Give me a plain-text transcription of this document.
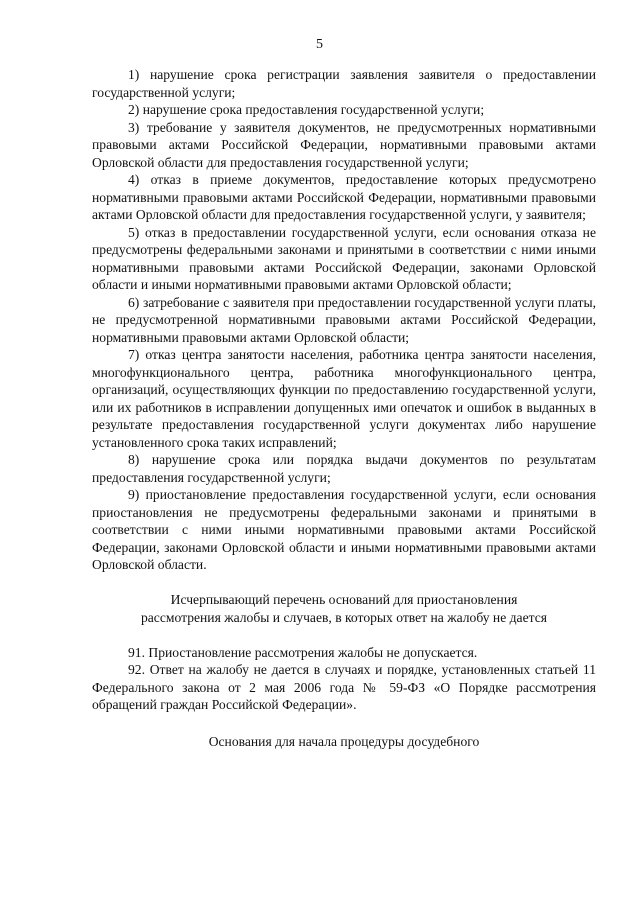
5

1) нарушение срока регистрации заявления заявителя о предоставлении государственной услуги;

2) нарушение срока предоставления государственной услуги;

3) требование у заявителя документов, не предусмотренных нормативными правовыми актами Российской Федерации, нормативными правовыми актами Орловской области для предоставления государственной услуги;

4) отказ в приеме документов, предоставление которых предусмотрено нормативными правовыми актами Российской Федерации, нормативными правовыми актами Орловской области для предоставления государственной услуги, у заявителя;

5) отказ в предоставлении государственной услуги, если основания отказа не предусмотрены федеральными законами и принятыми в соответствии с ними иными нормативными правовыми актами Российской Федерации, законами Орловской области и иными нормативными правовыми актами Орловской области;

6) затребование с заявителя при предоставлении государственной услуги платы, не предусмотренной нормативными правовыми актами Российской Федерации, нормативными правовыми актами Орловской области;

7) отказ центра занятости населения, работника центра занятости населения, многофункционального центра, работника многофункционального центра, организаций, осуществляющих функции по предоставлению государственной услуги, или их работников в исправлении допущенных ими опечаток и ошибок в выданных в результате предоставления государственной услуги документах либо нарушение установленного срока таких исправлений;

8) нарушение срока или порядка выдачи документов по результатам предоставления государственной услуги;

9) приостановление предоставления государственной услуги, если основания приостановления не предусмотрены федеральными законами и принятыми в соответствии с ними иными нормативными правовыми актами Российской Федерации, законами Орловской области и иными нормативными правовыми актами Орловской области.

Исчерпывающий перечень оснований для приостановления

рассмотрения жалобы и случаев, в которых ответ на жалобу не дается

91. Приостановление рассмотрения жалобы не допускается.

92. Ответ на жалобу не дается в случаях и порядке, установленных статьей 11 Федерального закона от 2 мая 2006 года № 59-ФЗ «О Порядке рассмотрения обращений граждан Российской Федерации».

Основания для начала процедуры досудебного
